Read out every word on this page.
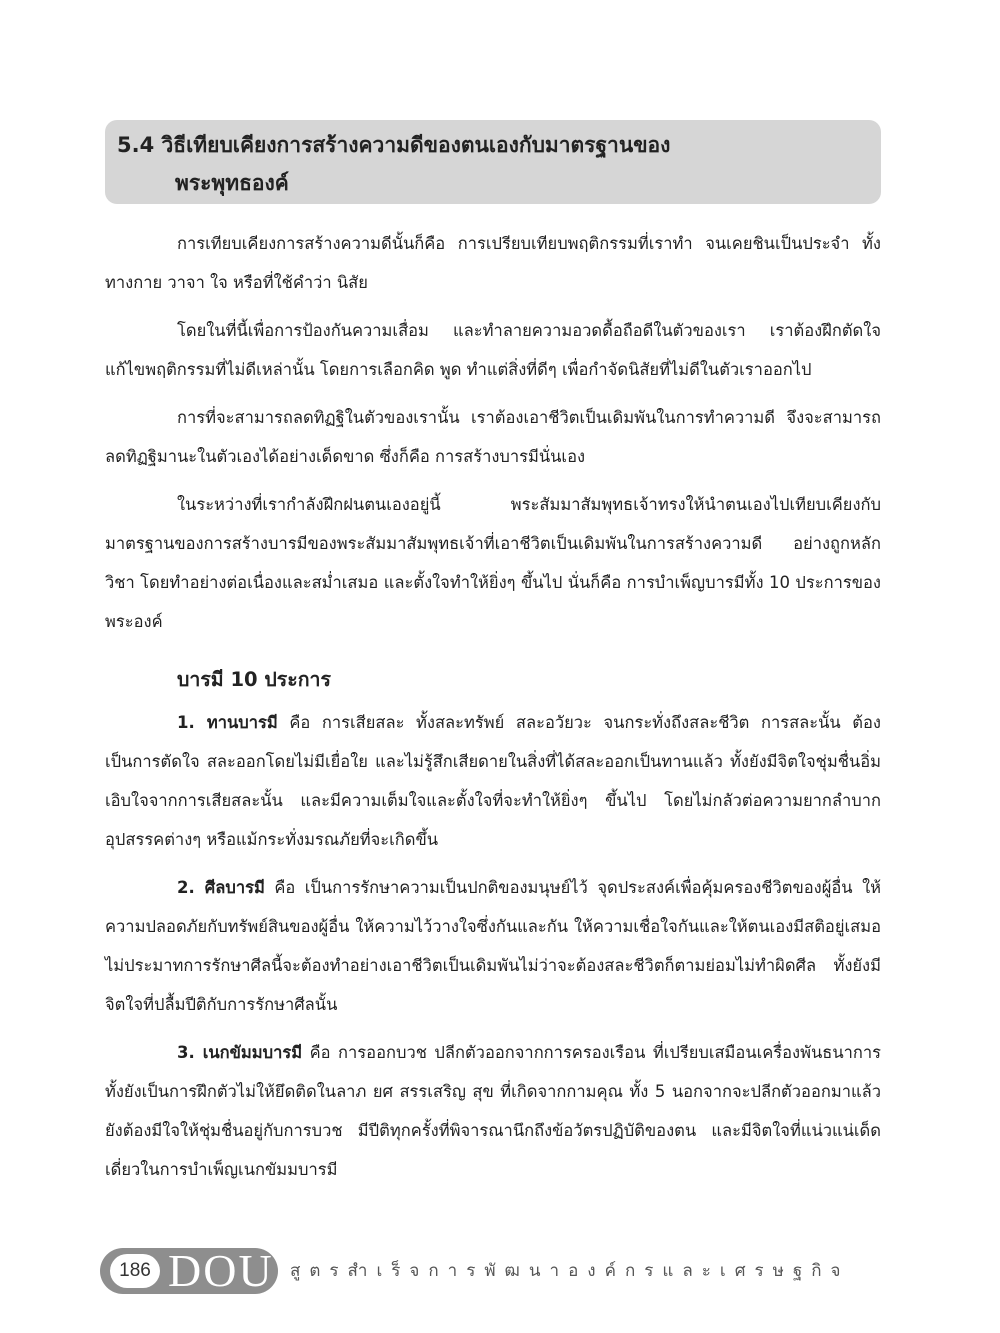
5.4 วิธีเทียบเคียงการสร้างความดีของตนเองกับมาตรฐานของ
พระพุทธองค์

การเทียบเคียงการสร้างความดีนั้นก็คือ การเปรียบเทียบพฤติกรรมที่เราทำ จนเคยชินเป็นประจำ ทั้งทางกาย วาจา ใจ หรือที่ใช้คำว่า นิสัย

โดยในที่นี้เพื่อการป้องกันความเสื่อม และทำลายความอวดดื้อถือดีในตัวของเรา เราต้องฝึกตัดใจแก้ไขพฤติกรรมที่ไม่ดีเหล่านั้น โดยการเลือกคิด พูด ทำแต่สิ่งที่ดีๆ เพื่อกำจัดนิสัยที่ไม่ดีในตัวเราออกไป

การที่จะสามารถลดทิฏฐิในตัวของเรานั้น เราต้องเอาชีวิตเป็นเดิมพันในการทำความดี จึงจะสามารถลดทิฏฐิมานะในตัวเองได้อย่างเด็ดขาด ซึ่งก็คือ การสร้างบารมีนั่นเอง

ในระหว่างที่เรากำลังฝึกฝนตนเองอยู่นี้ พระสัมมาสัมพุทธเจ้าทรงให้นำตนเองไปเทียบเคียงกับมาตรฐานของการสร้างบารมีของพระสัมมาสัมพุทธเจ้าที่เอาชีวิตเป็นเดิมพันในการสร้างความดี อย่างถูกหลักวิชา โดยทำอย่างต่อเนื่องและสม่ำเสมอ และตั้งใจทำให้ยิ่งๆ ขึ้นไป นั่นก็คือ การบำเพ็ญบารมีทั้ง 10 ประการของพระองค์

บารมี 10 ประการ

1. ทานบารมี คือ การเสียสละ ทั้งสละทรัพย์ สละอวัยวะ จนกระทั่งถึงสละชีวิต การสละนั้น ต้องเป็นการตัดใจ สละออกโดยไม่มีเยื่อใย และไม่รู้สึกเสียดายในสิ่งที่ได้สละออกเป็นทานแล้ว ทั้งยังมีจิตใจชุ่มชื่นอิ่มเอิบใจจากการเสียสละนั้น และมีความเต็มใจและตั้งใจที่จะทำให้ยิ่งๆ ขึ้นไป โดยไม่กลัวต่อความยากลำบาก อุปสรรคต่างๆ หรือแม้กระทั่งมรณภัยที่จะเกิดขึ้น

2. ศีลบารมี คือ เป็นการรักษาความเป็นปกติของมนุษย์ไว้ จุดประสงค์เพื่อคุ้มครองชีวิตของผู้อื่น ให้ความปลอดภัยกับทรัพย์สินของผู้อื่น ให้ความไว้วางใจซึ่งกันและกัน ให้ความเชื่อใจกันและให้ตนเองมีสติอยู่เสมอไม่ประมาทการรักษาศีลนี้จะต้องทำอย่างเอาชีวิตเป็นเดิมพันไม่ว่าจะต้องสละชีวิตก็ตามย่อมไม่ทำผิดศีล ทั้งยังมีจิตใจที่ปลื้มปีติกับการรักษาศีลนั้น

3. เนกขัมมบารมี คือ การออกบวช ปลีกตัวออกจากการครองเรือน ที่เปรียบเสมือนเครื่องพันธนาการ ทั้งยังเป็นการฝึกตัวไม่ให้ยึดติดในลาภ ยศ สรรเสริญ สุข ที่เกิดจากกามคุณ ทั้ง 5 นอกจากจะปลีกตัวออกมาแล้ว ยังต้องมีใจให้ชุ่มชื่นอยู่กับการบวช มีปีติทุกครั้งที่พิจารณานึกถึงข้อวัตรปฏิบัติของตน และมีจิตใจที่แน่วแน่เด็ดเดี่ยวในการบำเพ็ญเนกขัมมบารมี

186 DOU สูตรสำเร็จการพัฒนาองค์กรและเศรษฐกิจ
